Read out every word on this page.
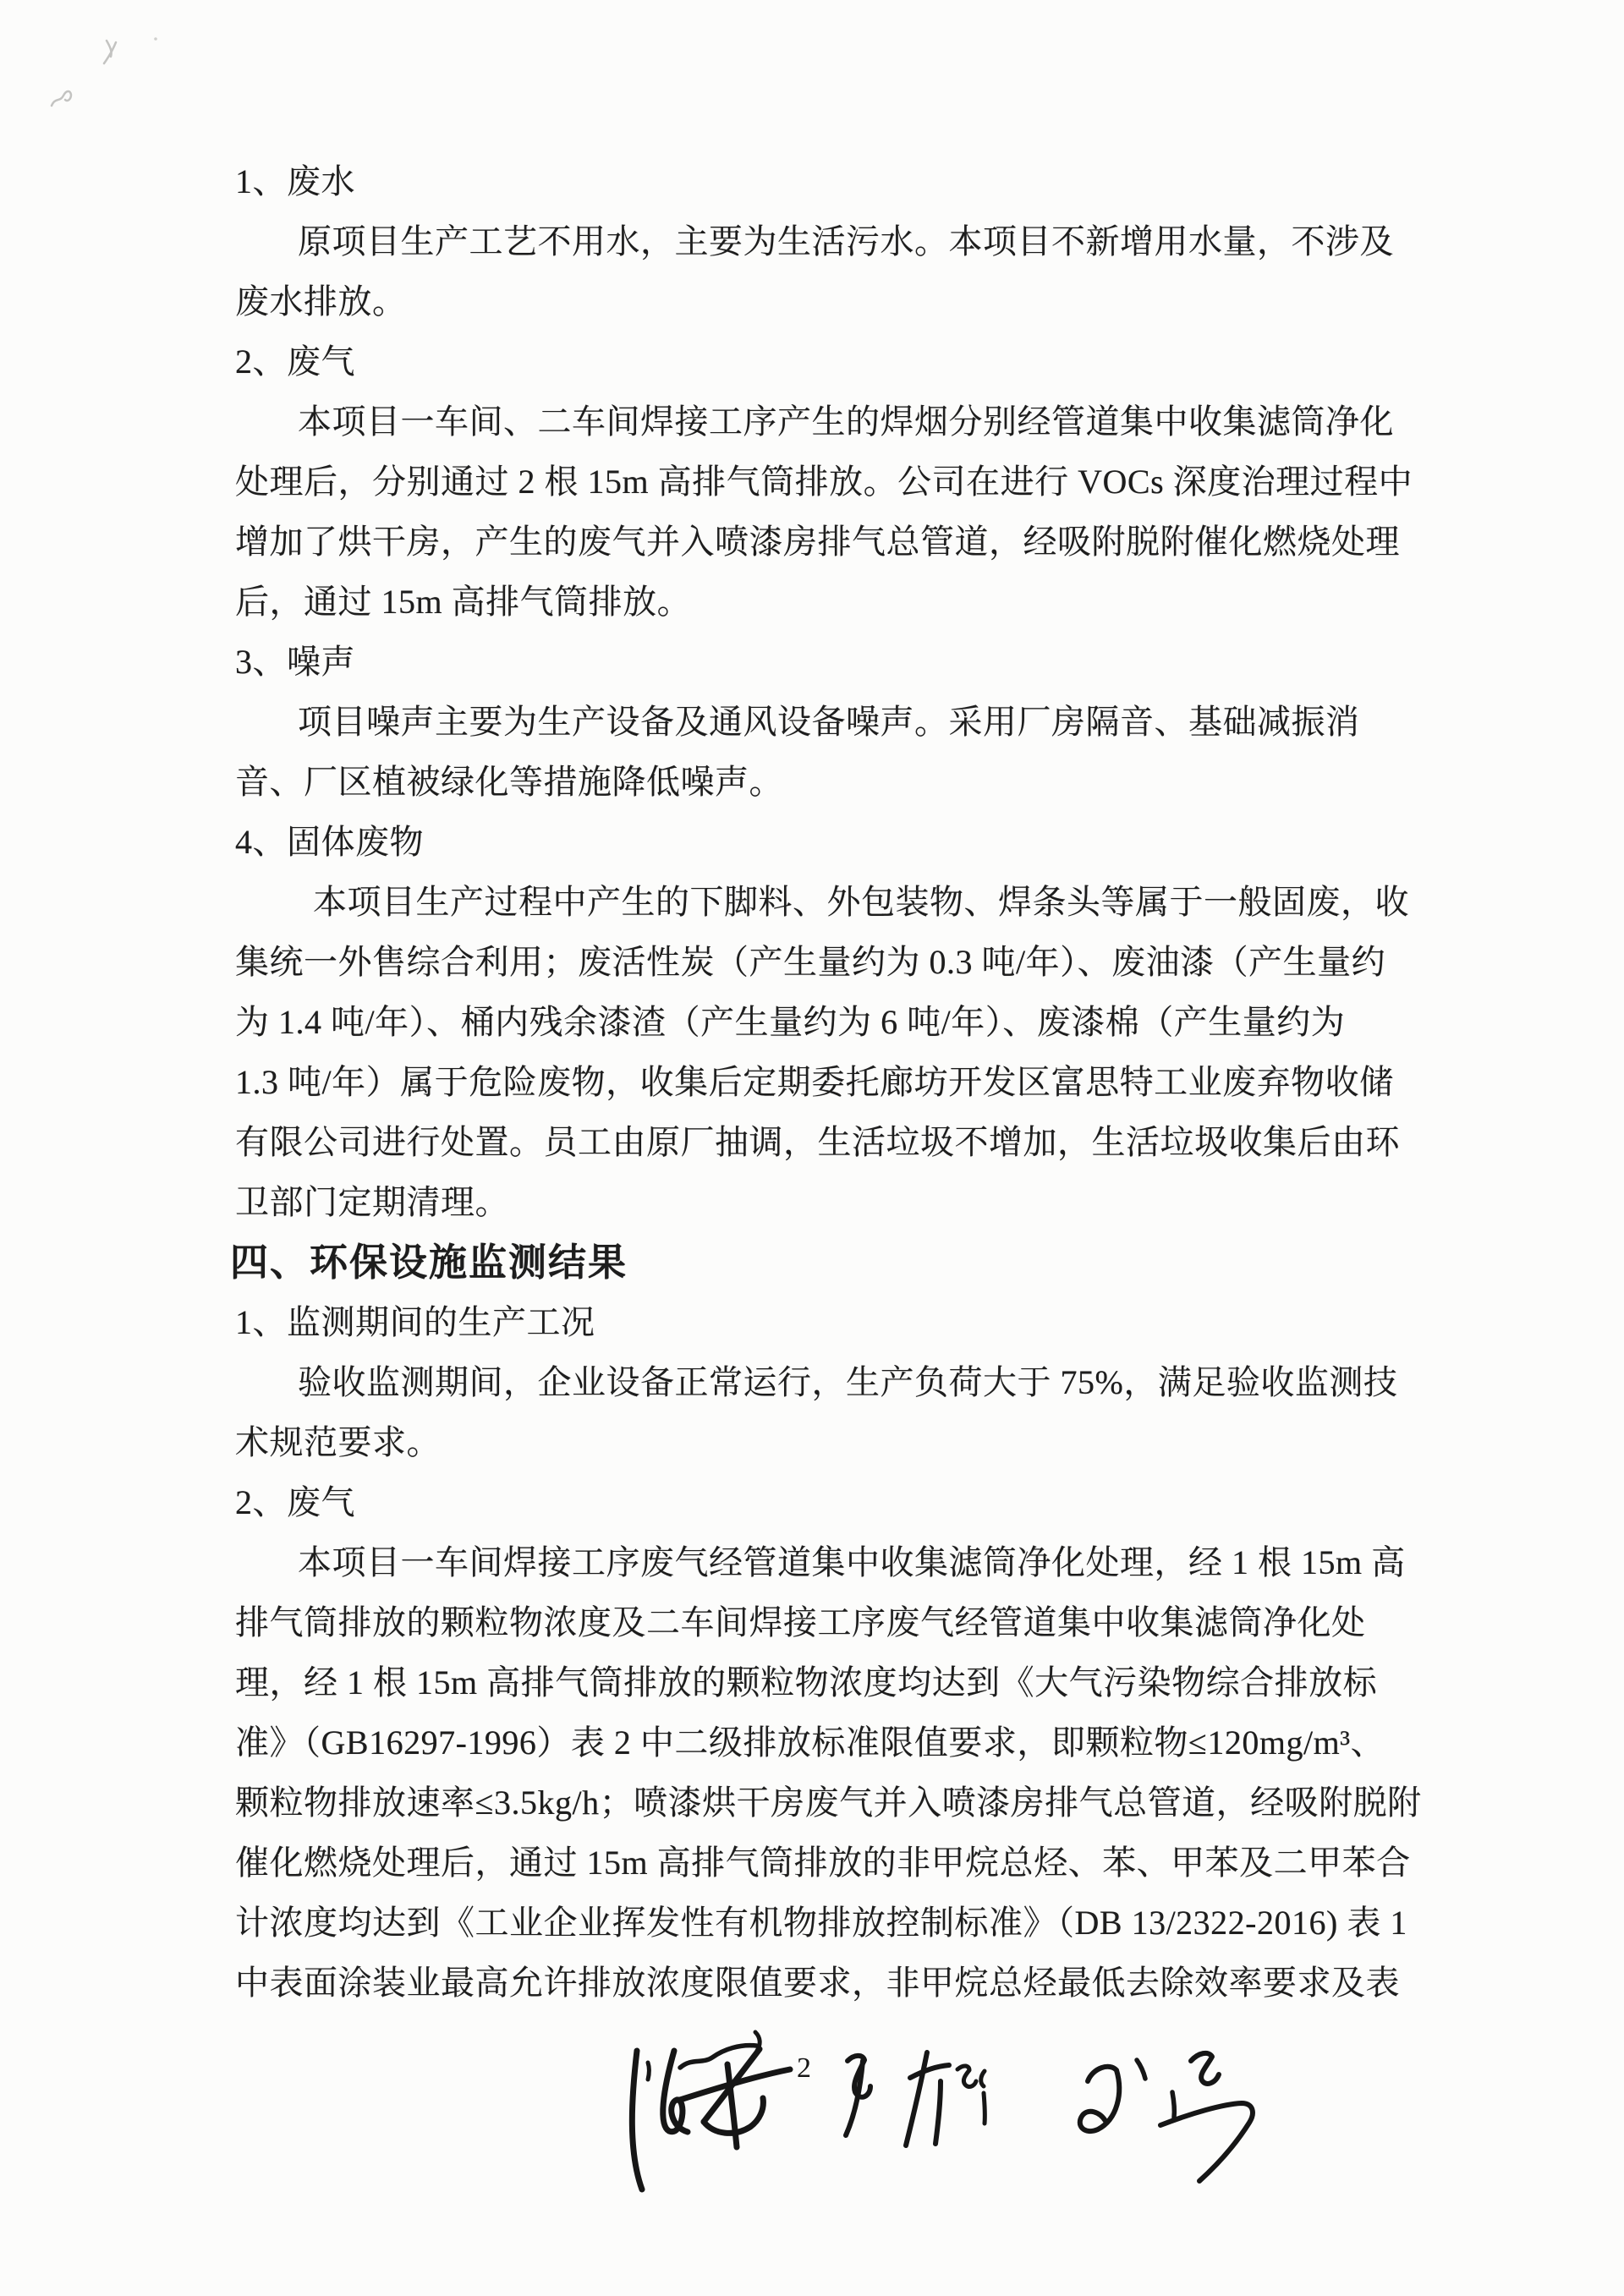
1、废水
原项目生产工艺不用水，主要为生活污水。本项目不新增用水量，不涉及
废水排放。
2、废气
本项目一车间、二车间焊接工序产生的焊烟分别经管道集中收集滤筒净化
处理后，分别通过 2 根 15m 高排气筒排放。公司在进行 VOCs 深度治理过程中
增加了烘干房，产生的废气并入喷漆房排气总管道，经吸附脱附催化燃烧处理
后，通过 15m 高排气筒排放。
3、噪声
项目噪声主要为生产设备及通风设备噪声。采用厂房隔音、基础减振消
音、厂区植被绿化等措施降低噪声。
4、固体废物
本项目生产过程中产生的下脚料、外包装物、焊条头等属于一般固废，收
集统一外售综合利用；废活性炭（产生量约为 0.3 吨/年）、废油漆（产生量约
为 1.4 吨/年）、桶内残余漆渣（产生量约为 6 吨/年）、废漆棉（产生量约为
1.3 吨/年）属于危险废物，收集后定期委托廊坊开发区富思特工业废弃物收储
有限公司进行处置。员工由原厂抽调，生活垃圾不增加，生活垃圾收集后由环
卫部门定期清理。
四、环保设施监测结果
1、监测期间的生产工况
验收监测期间，企业设备正常运行，生产负荷大于 75%，满足验收监测技
术规范要求。
2、废气
本项目一车间焊接工序废气经管道集中收集滤筒净化处理，经 1 根 15m 高
排气筒排放的颗粒物浓度及二车间焊接工序废气经管道集中收集滤筒净化处
理，经 1 根 15m 高排气筒排放的颗粒物浓度均达到《大气污染物综合排放标
准》（GB16297-1996）表 2 中二级排放标准限值要求，即颗粒物≤120mg/m³、
颗粒物排放速率≤3.5kg/h；喷漆烘干房废气并入喷漆房排气总管道，经吸附脱附
催化燃烧处理后，通过 15m 高排气筒排放的非甲烷总烃、苯、甲苯及二甲苯合
计浓度均达到《工业企业挥发性有机物排放控制标准》（DB 13/2322-2016) 表 1
中表面涂装业最高允许排放浓度限值要求，非甲烷总烃最低去除效率要求及表
2
